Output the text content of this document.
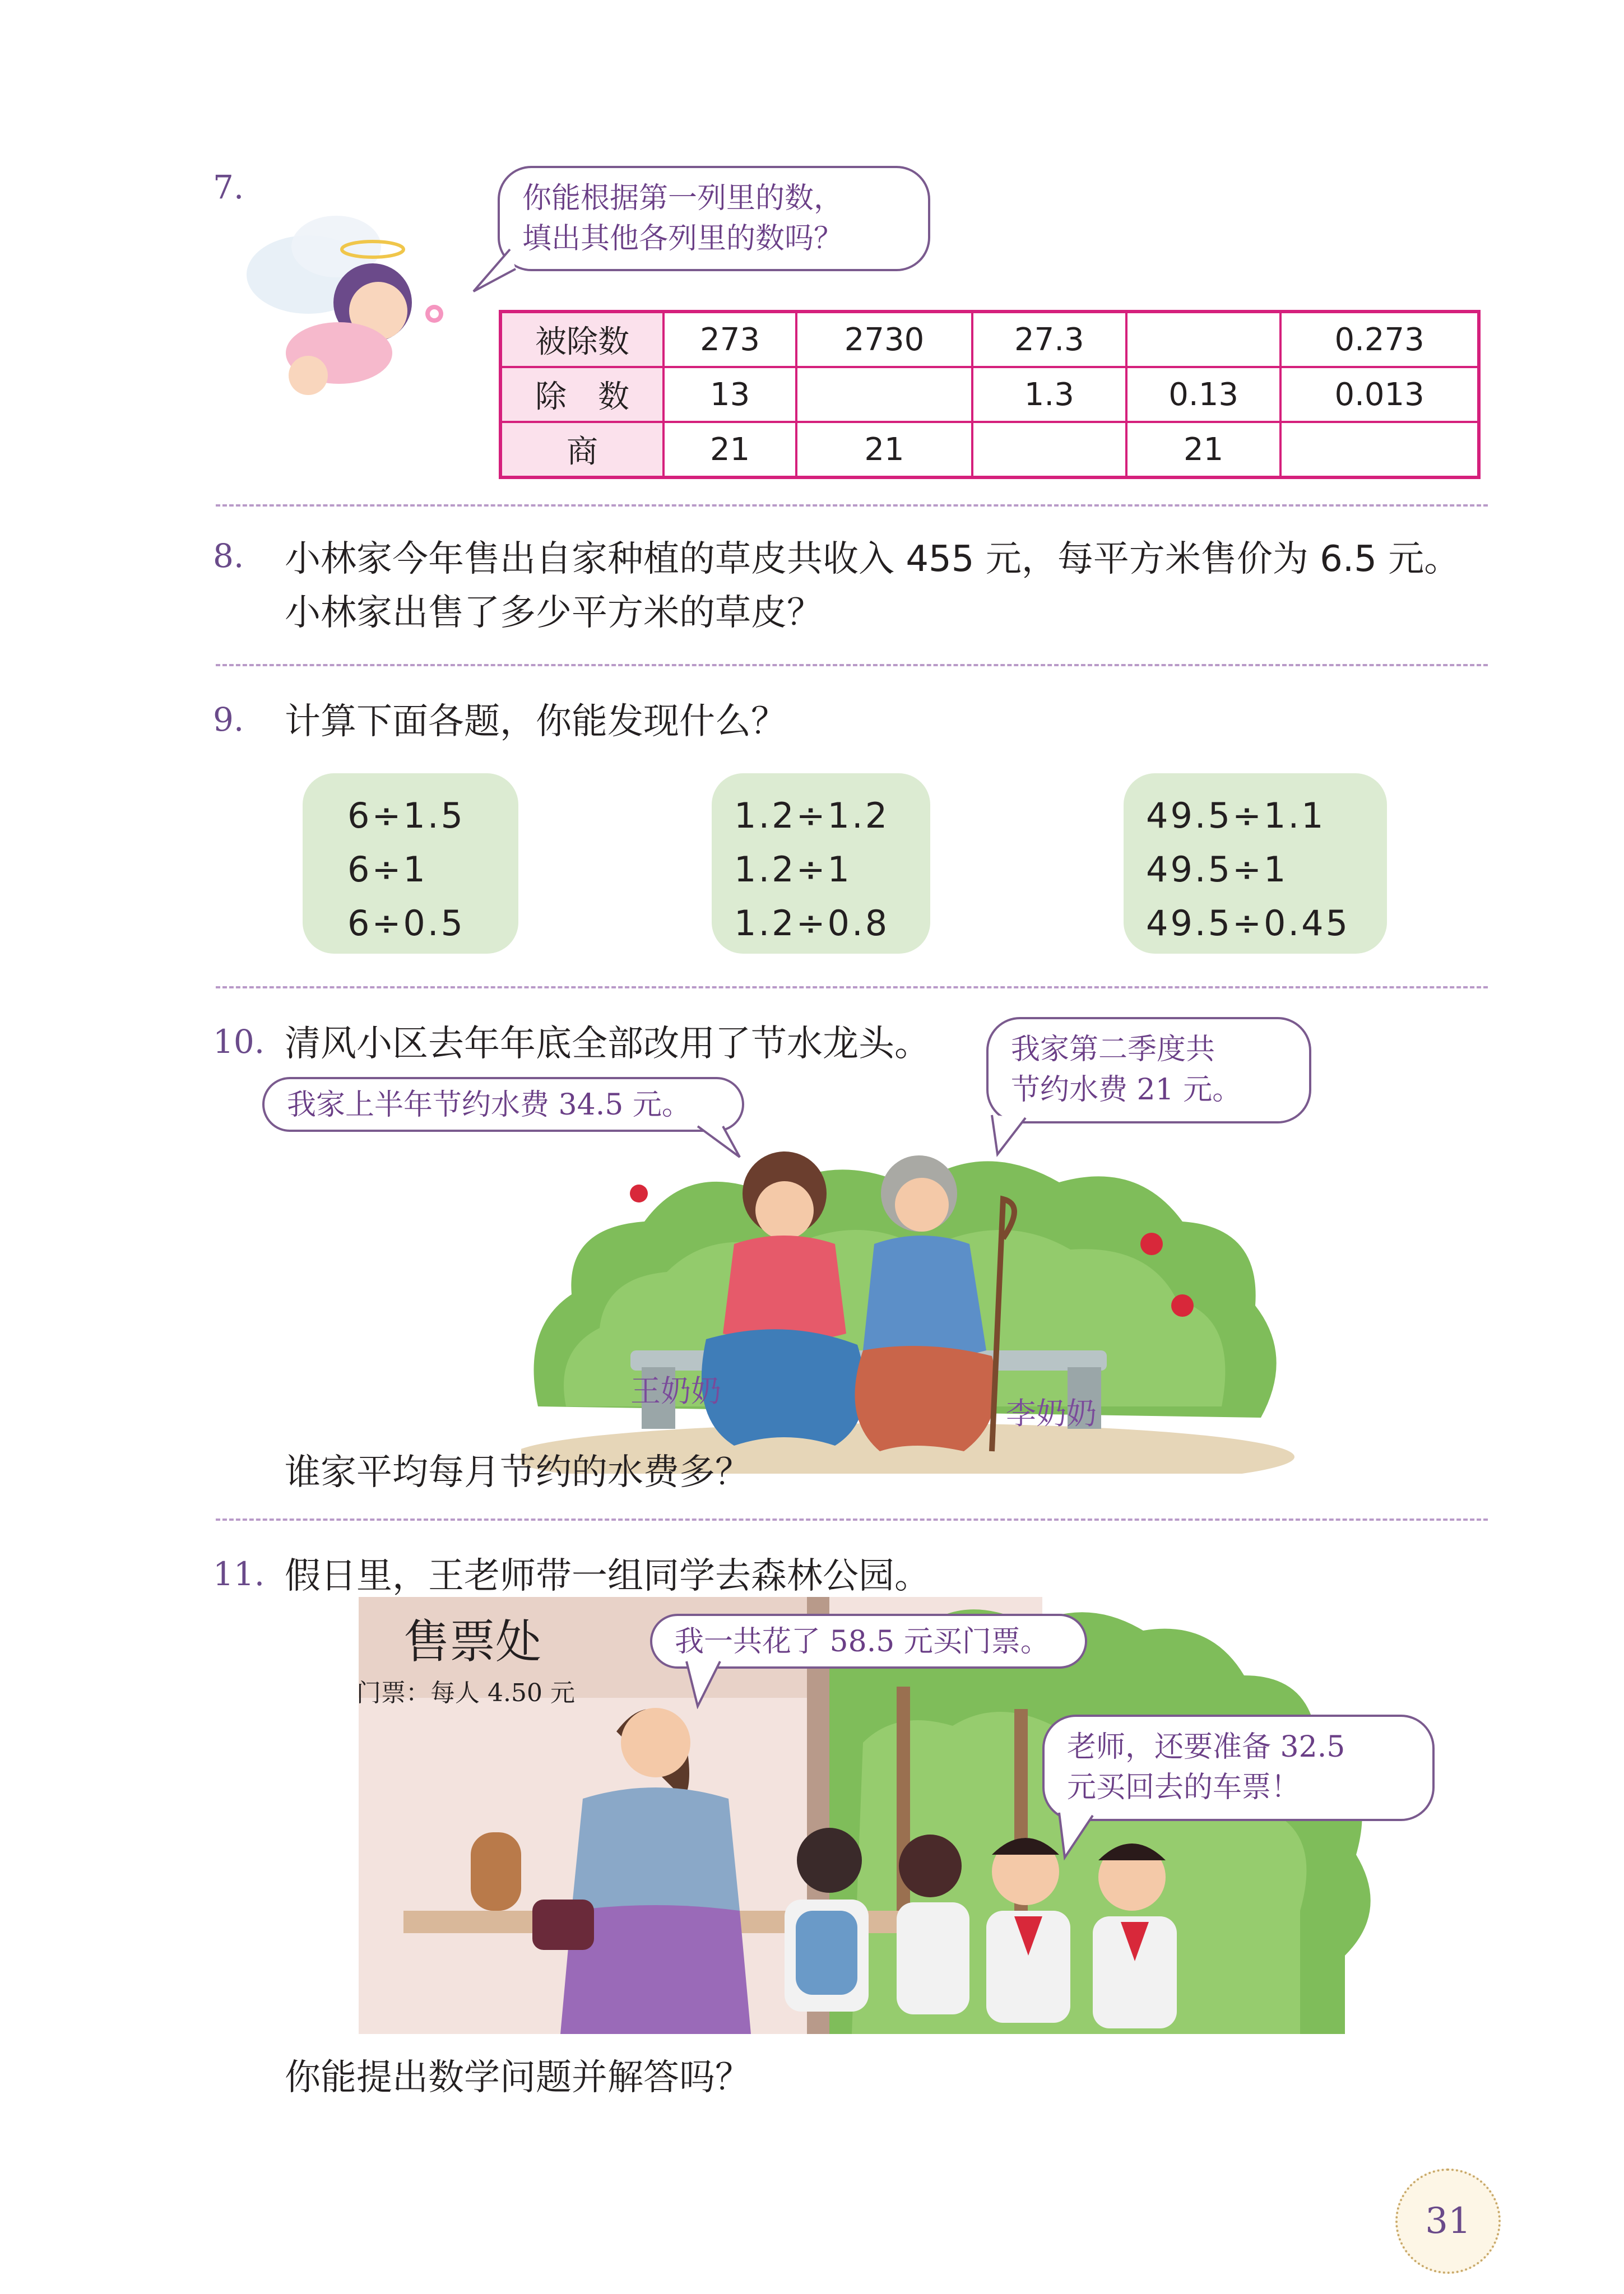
7.	你能根据第一列里的数，
填出其他各列里的数吗？
被除数	273	2730	27.3		0.273
除　数	13		1.3	0.13	0.013
商	21	21		21	
8. 小林家今年售出自家种植的草皮共收入 455 元，每平方米售价为 6.5 元。
小林家出售了多少平方米的草皮？
9. 计算下面各题，你能发现什么？
6÷1.5
6÷1
6÷0.5
1.2÷1.2
1.2÷1
1.2÷0.8
49.5÷1.1
49.5÷1
49.5÷0.45
10. 清风小区去年年底全部改用了节水龙头。
我家上半年节约水费 34.5 元。
我家第二季度共
节约水费 21 元。
王奶奶
李奶奶
谁家平均每月节约的水费多？
11. 假日里，王老师带一组同学去森林公园。
售票处
门票：每人 4.50 元
我一共花了 58.5 元买门票。
老师，还要准备 32.5
元买回去的车票！
你能提出数学问题并解答吗？
31
